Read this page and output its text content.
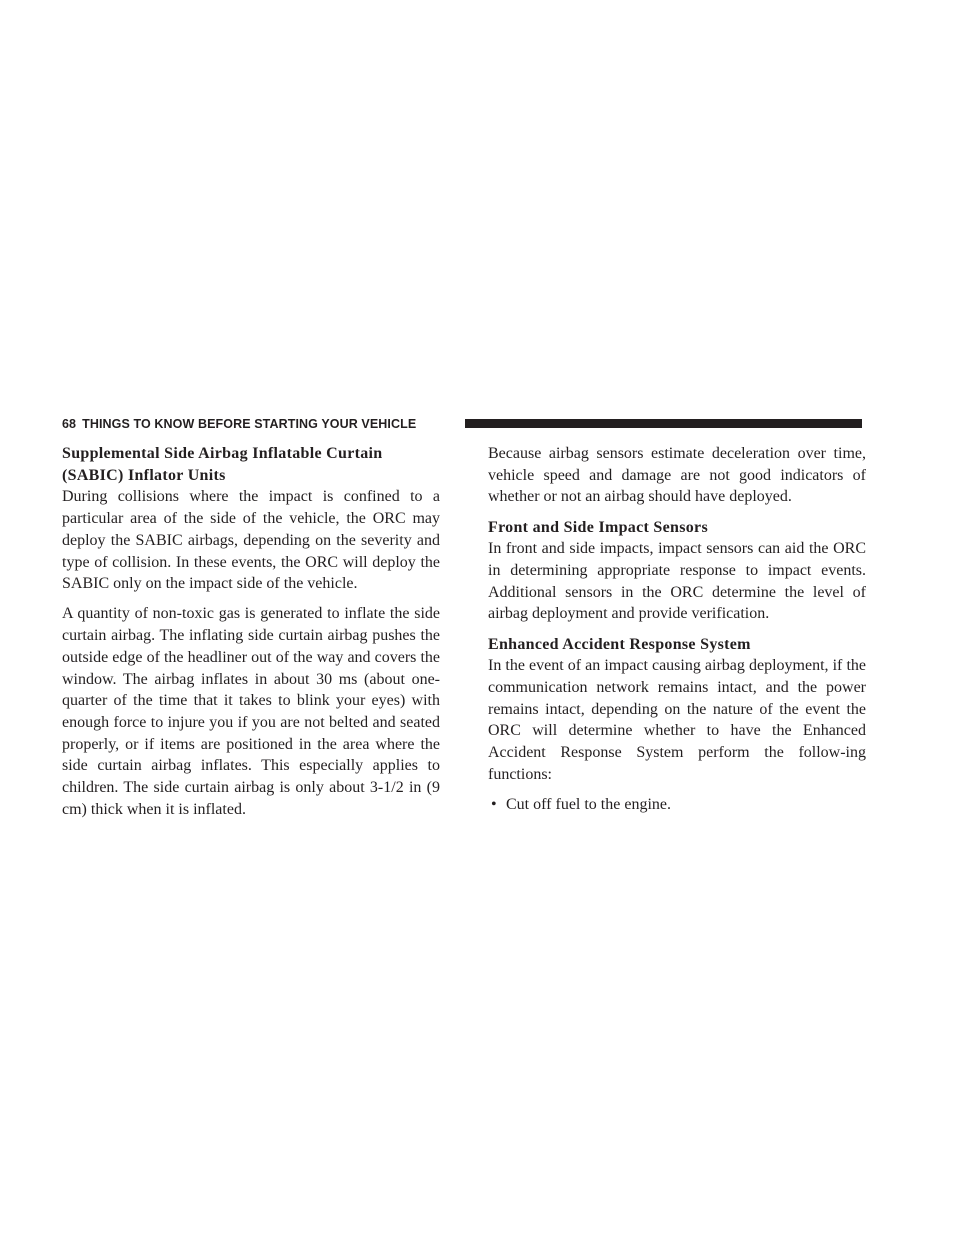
68 THINGS TO KNOW BEFORE STARTING YOUR VEHICLE
Supplemental Side Airbag Inflatable Curtain
(SABIC) Inflator Units

During collisions where the impact is confined to a particular area of the side of the vehicle, the ORC may deploy the SABIC airbags, depending on the severity and type of collision. In these events, the ORC will deploy the SABIC only on the impact side of the vehicle.

A quantity of non-toxic gas is generated to inflate the side curtain airbag. The inflating side curtain airbag pushes the outside edge of the headliner out of the way and covers the window. The airbag inflates in about 30 ms (about one-quarter of the time that it takes to blink your eyes) with enough force to injure you if you are not belted and seated properly, or if items are positioned in the area where the side curtain airbag inflates. This especially applies to children. The side curtain airbag is only about 3-1/2 in (9 cm) thick when it is inflated.

Because airbag sensors estimate deceleration over time, vehicle speed and damage are not good indicators of whether or not an airbag should have deployed.

Front and Side Impact Sensors

In front and side impacts, impact sensors can aid the ORC in determining appropriate response to impact events. Additional sensors in the ORC determine the level of airbag deployment and provide verification.

Enhanced Accident Response System

In the event of an impact causing airbag deployment, if the communication network remains intact, and the power remains intact, depending on the nature of the event the ORC will determine whether to have the Enhanced Accident Response System perform the follow-ing functions:

• Cut off fuel to the engine.
